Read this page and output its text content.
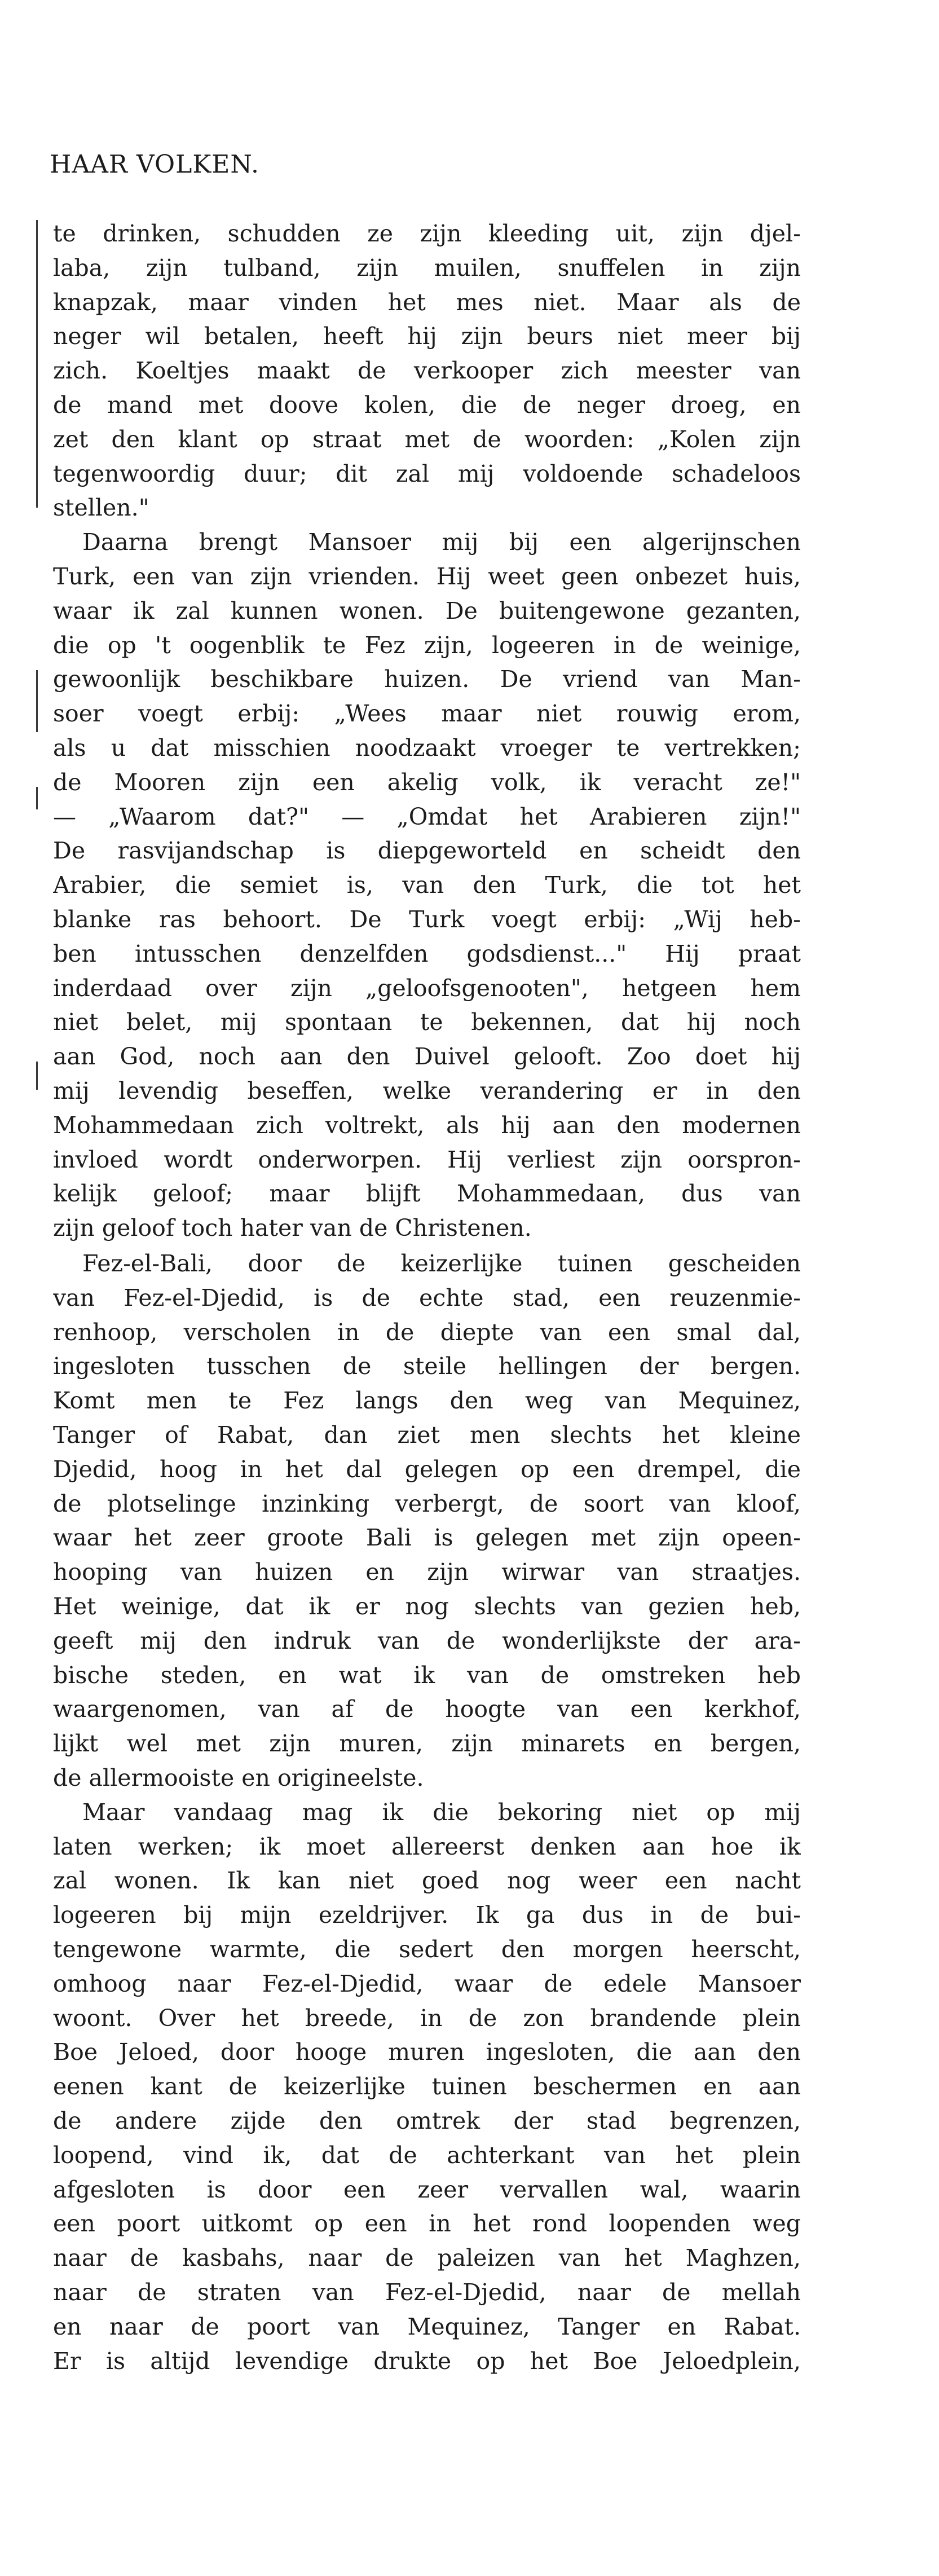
HAAR VOLKEN.
te drinken, schudden ze zijn kleeding uit, zijn djel-
laba, zijn tulband, zijn muilen, snuffelen in zijn
knapzak, maar vinden het mes niet. Maar als de
neger wil betalen, heeft hij zijn beurs niet meer bij
zich. Koeltjes maakt de verkooper zich meester van
de mand met doove kolen, die de neger droeg, en
zet den klant op straat met de woorden: „Kolen zijn
tegenwoordig duur; dit zal mij voldoende schadeloos
stellen."
Daarna brengt Mansoer mij bij een algerijnschen
Turk, een van zijn vrienden. Hij weet geen onbezet huis,
waar ik zal kunnen wonen. De buitengewone gezanten,
die op 't oogenblik te Fez zijn, logeeren in de weinige,
gewoonlijk beschikbare huizen. De vriend van Man-
soer voegt erbij: „Wees maar niet rouwig erom,
als u dat misschien noodzaakt vroeger te vertrekken;
de Mooren zijn een akelig volk, ik veracht ze!"
— „Waarom dat?" — „Omdat het Arabieren zijn!"
De rasvijandschap is diepgeworteld en scheidt den
Arabier, die semiet is, van den Turk, die tot het
blanke ras behoort. De Turk voegt erbij: „Wij heb-
ben intusschen denzelfden godsdienst..." Hij praat
inderdaad over zijn „geloofsgenooten", hetgeen hem
niet belet, mij spontaan te bekennen, dat hij noch
aan God, noch aan den Duivel gelooft. Zoo doet hij
mij levendig beseffen, welke verandering er in den
Mohammedaan zich voltrekt, als hij aan den modernen
invloed wordt onderworpen. Hij verliest zijn oorspron-
kelijk geloof; maar blijft Mohammedaan, dus van
zijn geloof toch hater van de Christenen.
Fez-el-Bali, door de keizerlijke tuinen gescheiden
van Fez-el-Djedid, is de echte stad, een reuzenmie-
renhoop, verscholen in de diepte van een smal dal,
ingesloten tusschen de steile hellingen der bergen.
Komt men te Fez langs den weg van Mequinez,
Tanger of Rabat, dan ziet men slechts het kleine
Djedid, hoog in het dal gelegen op een drempel, die
de plotselinge inzinking verbergt, de soort van kloof,
waar het zeer groote Bali is gelegen met zijn opeen-
hooping van huizen en zijn wirwar van straatjes.
Het weinige, dat ik er nog slechts van gezien heb,
geeft mij den indruk van de wonderlijkste der ara-
bische steden, en wat ik van de omstreken heb
waargenomen, van af de hoogte van een kerkhof,
lijkt wel met zijn muren, zijn minarets en bergen,
de allermooiste en origineelste.
Maar vandaag mag ik die bekoring niet op mij
laten werken; ik moet allereerst denken aan hoe ik
zal wonen. Ik kan niet goed nog weer een nacht
logeeren bij mijn ezeldrijver. Ik ga dus in de bui-
tengewone warmte, die sedert den morgen heerscht,
omhoog naar Fez-el-Djedid, waar de edele Mansoer
woont. Over het breede, in de zon brandende plein
Boe Jeloed, door hooge muren ingesloten, die aan den
eenen kant de keizerlijke tuinen beschermen en aan
de andere zijde den omtrek der stad begrenzen,
loopend, vind ik, dat de achterkant van het plein
afgesloten is door een zeer vervallen wal, waarin
een poort uitkomt op een in het rond loopenden weg
naar de kasbahs, naar de paleizen van het Maghzen,
naar de straten van Fez-el-Djedid, naar de mellah
en naar de poort van Mequinez, Tanger en Rabat.
Er is altijd levendige drukte op het Boe Jeloedplein,
